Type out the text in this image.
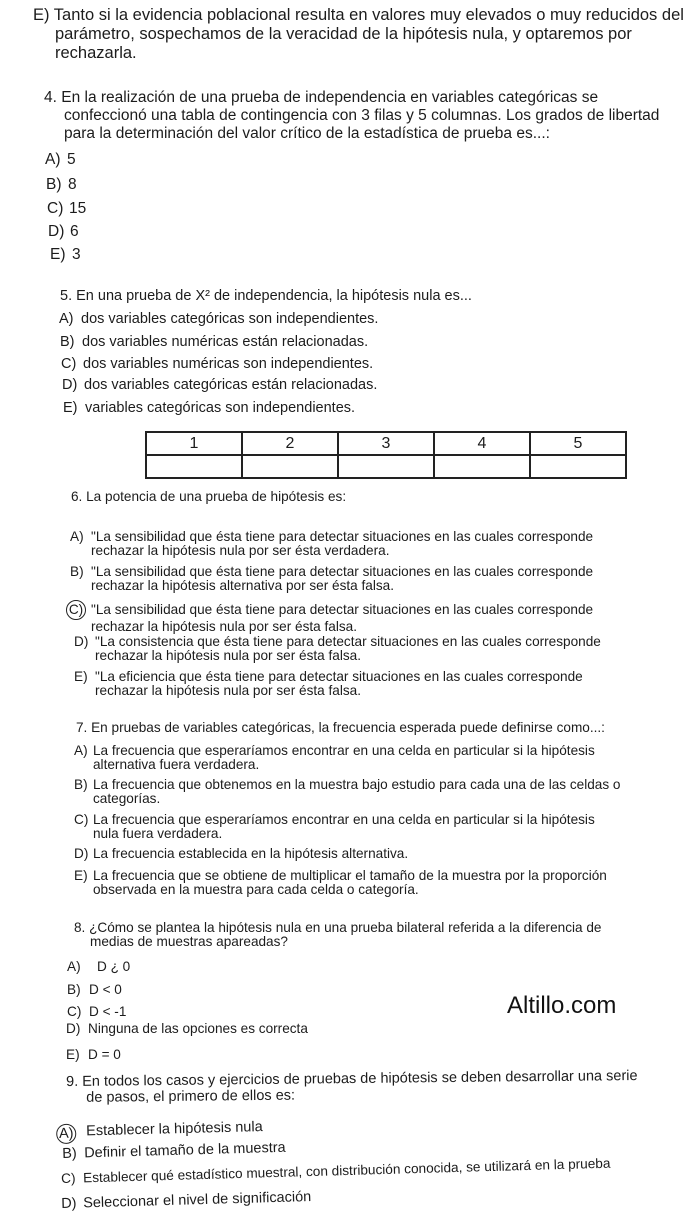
E) Tanto si la evidencia poblacional resulta en valores muy elevados o muy reducidos del
parámetro, sospechamos de la veracidad de la hipótesis nula, y optaremos por
rechazarla.
4. En la realización de una prueba de independencia en variables categóricas se
confeccionó una tabla de contingencia con 3 filas y 5 columnas. Los grados de libertad
para la determinación del valor crítico de la estadística de prueba es...:
A) 5
B) 8
C) 15
D) 6
E) 3
5. En una prueba de X² de independencia, la hipótesis nula es...
A) dos variables categóricas son independientes.
B) dos variables numéricas están relacionadas.
C) dos variables numéricas son independientes.
D) dos variables categóricas están relacionadas.
E) variables categóricas son independientes.
1	2	3	4	5

6. La potencia de una prueba de hipótesis es:
A) "La sensibilidad que ésta tiene para detectar situaciones en las cuales corresponde
rechazar la hipótesis nula por ser ésta verdadera.
B) "La sensibilidad que ésta tiene para detectar situaciones en las cuales corresponde
rechazar la hipótesis alternativa por ser ésta falsa.
C) "La sensibilidad que ésta tiene para detectar situaciones en las cuales corresponde
rechazar la hipótesis nula por ser ésta falsa.
D) "La consistencia que ésta tiene para detectar situaciones en las cuales corresponde
rechazar la hipótesis nula por ser ésta falsa.
E) "La eficiencia que ésta tiene para detectar situaciones en las cuales corresponde
rechazar la hipótesis nula por ser ésta falsa.
7. En pruebas de variables categóricas, la frecuencia esperada puede definirse como...:
A) La frecuencia que esperaríamos encontrar en una celda en particular si la hipótesis
alternativa fuera verdadera.
B) La frecuencia que obtenemos en la muestra bajo estudio para cada una de las celdas o
categorías.
C) La frecuencia que esperaríamos encontrar en una celda en particular si la hipótesis
nula fuera verdadera.
D) La frecuencia establecida en la hipótesis alternativa.
E) La frecuencia que se obtiene de multiplicar el tamaño de la muestra por la proporción
observada en la muestra para cada celda o categoría.
8. ¿Cómo se plantea la hipótesis nula en una prueba bilateral referida a la diferencia de
medias de muestras apareadas?
A)	D ¿ 0
B) D < 0
C) D < -1
D) Ninguna de las opciones es correcta
E) D = 0
Altillo.com
9. En todos los casos y ejercicios de pruebas de hipótesis se deben desarrollar una serie
de pasos, el primero de ellos es:
A) Establecer la hipótesis nula
B) Definir el tamaño de la muestra
C) Establecer qué estadístico muestral, con distribución conocida, se utilizará en la prueba
D) Seleccionar el nivel de significación
